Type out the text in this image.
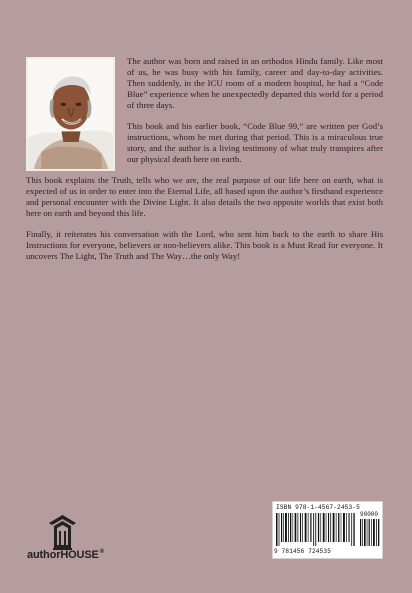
The author was born and raised in an orthodox Hindu family. Like most of us, he was busy with his family, career and day-to-day activities. Then suddenly, in the ICU room of a modern hospital, he had a “Code Blue” experience when he unexpectedly departed this world for a period of three days.

This book and his earlier book, “Code Blue 99,” are written per God’s instructions, whom he met during that period. This is a miraculous true story, and the author is a living testimony of what truly transpires after our physical death here on earth.

This book explains the Truth, tells who we are, the real purpose of our life here on earth, what is expected of us in order to enter into the Eternal Life, all based upon the author’s firsthand experience and personal encounter with the Divine Light. It also details the two opposite worlds that exist both here on earth and beyond this life.

Finally, it reiterates his conversation with the Lord, who sent him back to the earth to share His Instructions for everyone, believers or non-believers alike. This book is a Must Read for everyone. It uncovers The Light, The Truth and The Way…the only Way!

authorHOUSE®
ISBN 978-1-4567-2453-5
90000
9 781456 724535
